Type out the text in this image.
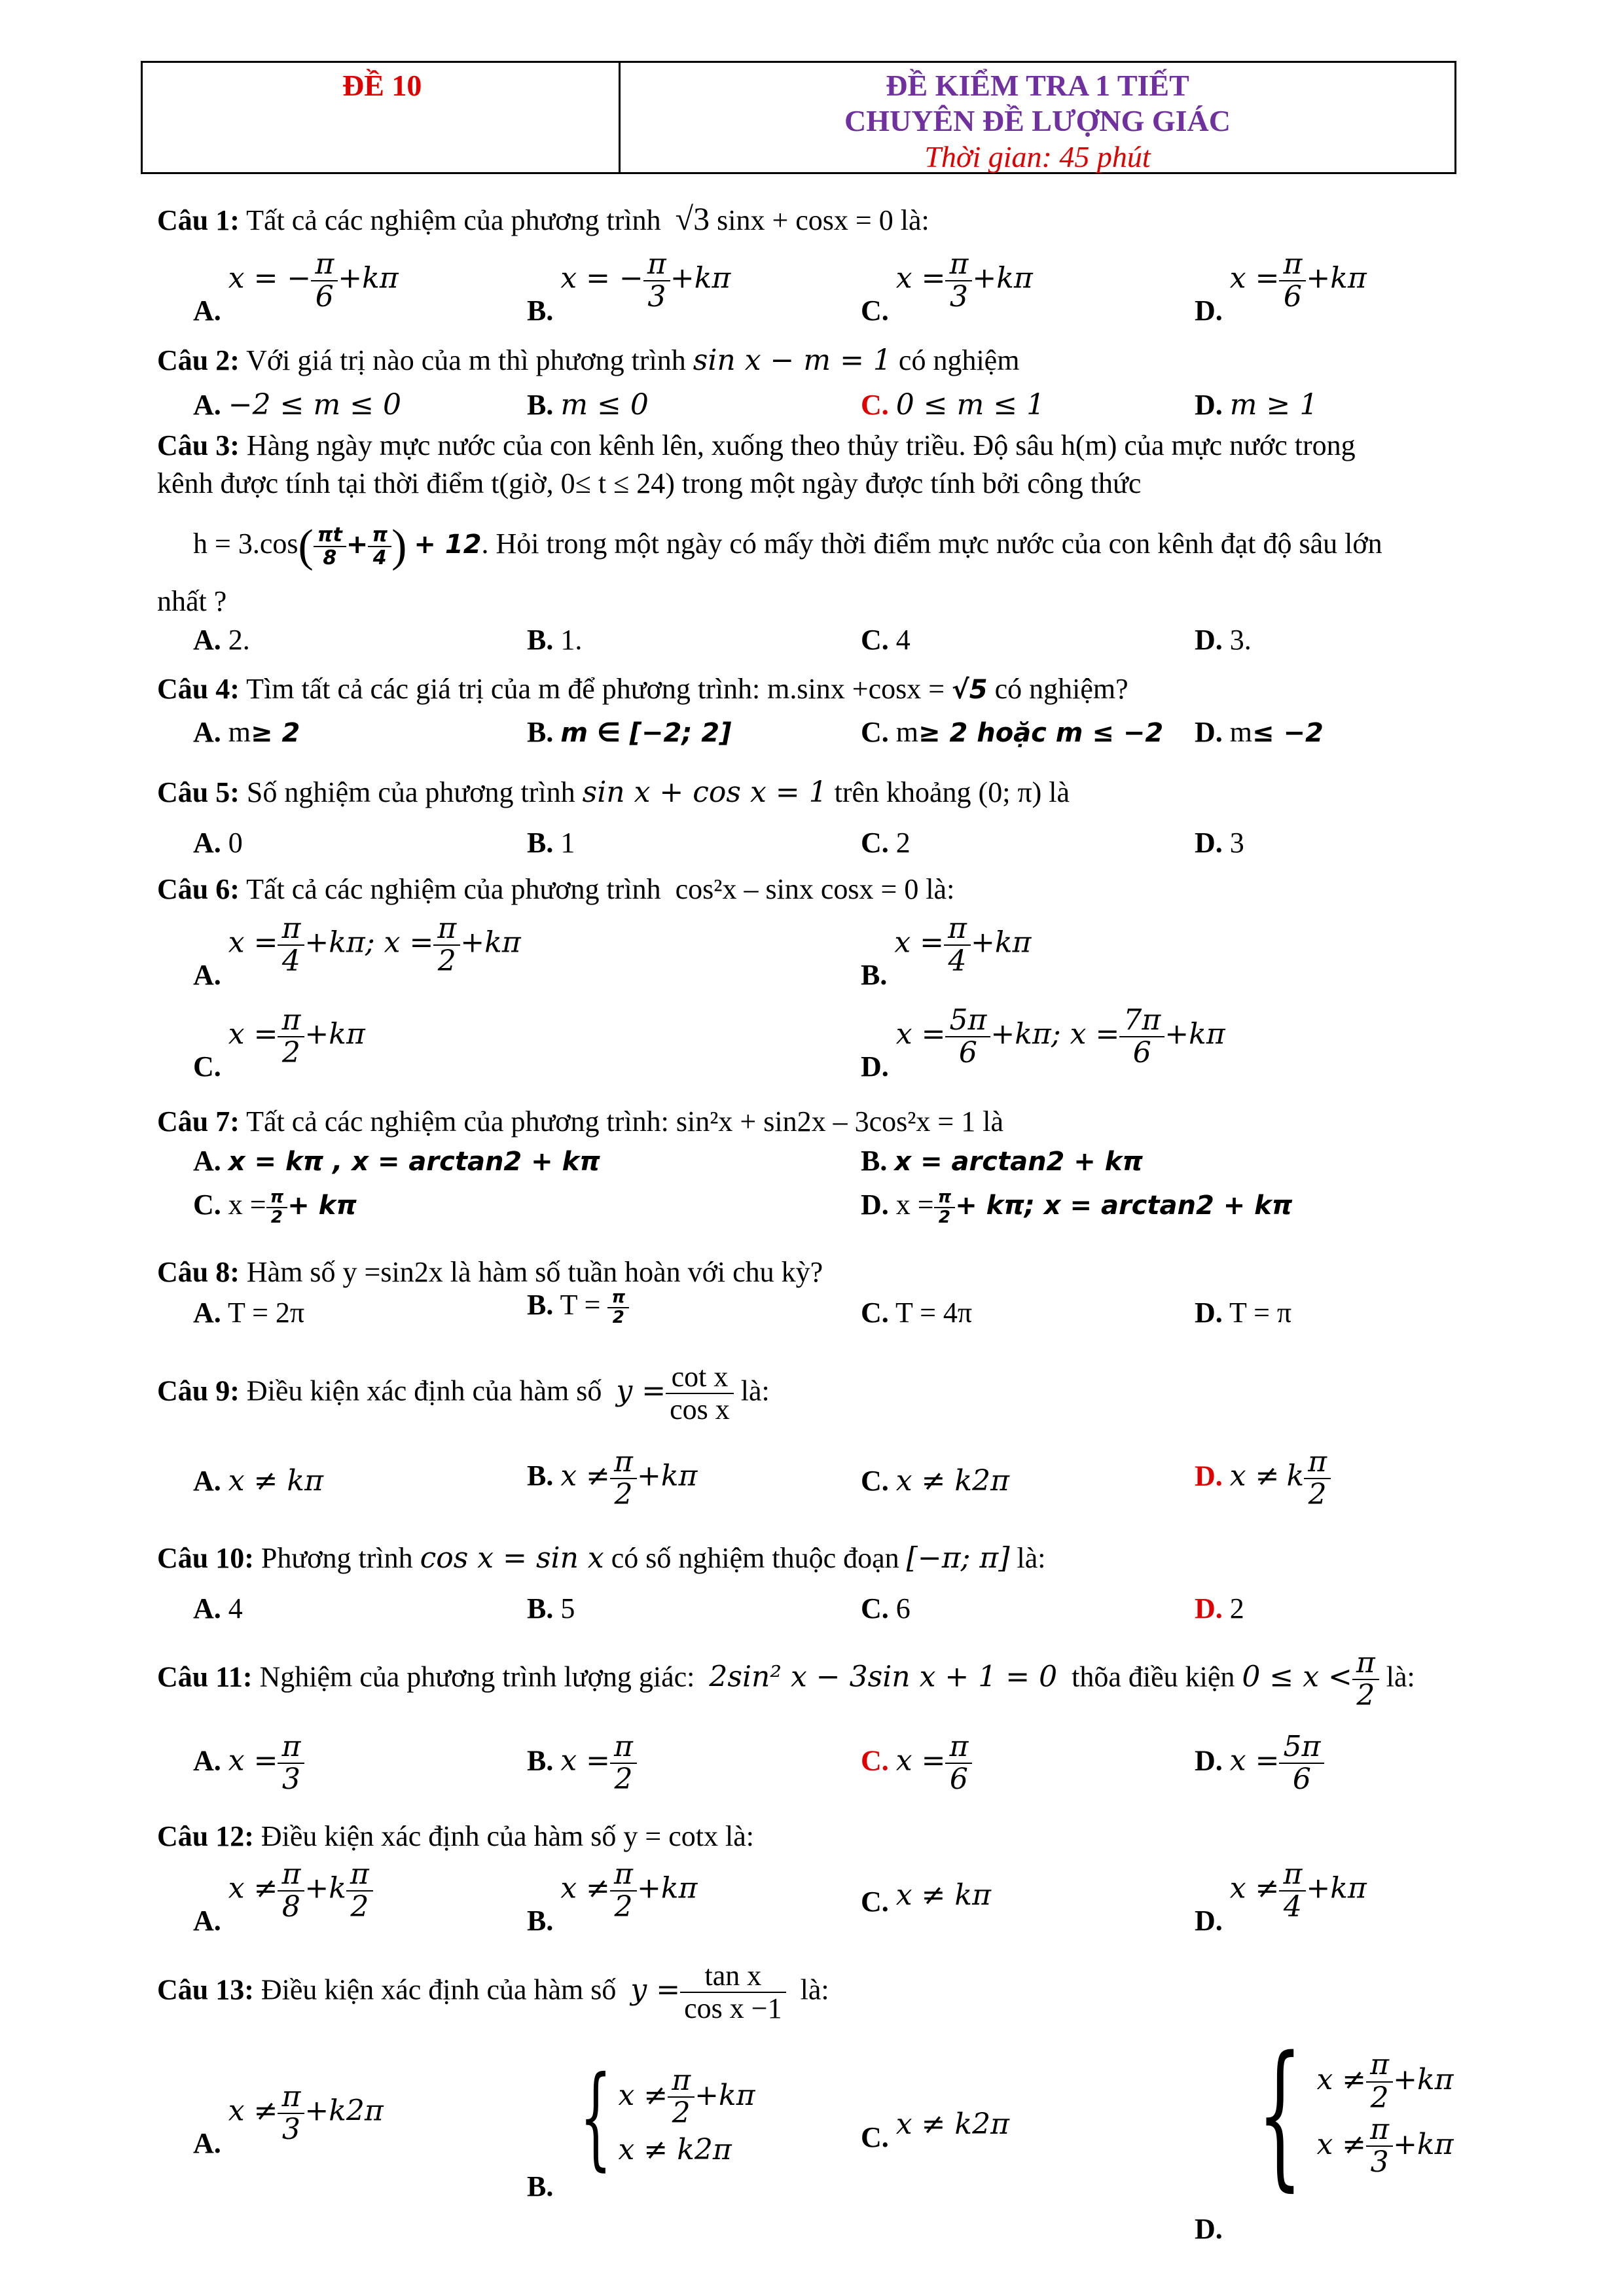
ĐỀ 10	ĐỀ KIỂM TRA 1 TIẾT
CHUYÊN ĐỀ LƯỢNG GIÁC
Thời gian: 45 phút
Câu 1: Tất cả các nghiệm của phương trình √3 sinx + cosx = 0 là:
A. x = − $\frac{\pi}{6} +k\pi$
B. x = − $\frac{\pi}{3} +k\pi$
C. $x = \frac{\pi}{3} +k\pi$
D. $x = \frac{\pi}{6} +k\pi$
Câu 2: Với giá trị nào của m thì phương trình sin x − m = 1 có nghiệm
A. −2 ≤ m ≤ 0	B. m ≤ 0	C. 0 ≤ m ≤ 1	D. m ≥ 1
Câu 3: Hàng ngày mực nước của con kênh lên, xuống theo thủy triều. Độ sâu h(m) của mực nước trong
kênh được tính tại thời điểm t(giờ, 0≤ t ≤ 24) trong một ngày được tính bởi công thức
$h = 3.\cos( \frac{\pi t}{8} + \frac{\pi}{4}$ ) + 12. Hỏi trong một ngày có mấy thời điểm mực nước của con kênh đạt độ sâu lớn
nhất ?
A. 2.	B. 1.	C. 4	D. 3.
Câu 4: Tìm tất cả các giá trị của m để phương trình: m.sinx +cosx = √5 có nghiệm?
A. m≥ 2	B. m ∈ [−2; 2]	C. m≥ 2 hoặc m ≤ −2 D. m≤ −2
Câu 5: Số nghiệm của phương trình sin x + cos x = 1 trên khoảng (0; π) là
A. 0	B. 1	C. 2	D. 3
Câu 6: Tất cả các nghiệm của phương trình cos²x – sinx cosx = 0 là:
A. $x = \frac{\pi}{4} +k\pi$; $x = \frac{\pi}{2} +k\pi$
B. $x = \frac{\pi}{4} +k\pi$
C. $x = \frac{\pi}{2} +k\pi$
D. $x = \frac{5\pi}{6} +k\pi$; $x = \frac{7\pi}{6} +k\pi$
Câu 7: Tất cả các nghiệm của phương trình: sin²x + sin2x – 3cos²x = 1 là
A. x = kπ , x = arctan2 + kπ	B. x = arctan2 + kπ
C. $x = \frac{\pi}{2} + k\pi$	D. $x = \frac{\pi}{2} + k\pi$; x = arctan2 + kπ
Câu 8: Hàm số y =sin2x là hàm số tuần hoàn với chu kỳ?
A. T = 2π	B. $T = \frac{\pi}{2}$	C. T = 4π	D. T = π
Câu 9: Điều kiện xác định của hàm số $y = \frac{\text{cot x}}{\text{cos x}}$ là:
A. x ≠ kπ	B. $x \ne \frac{\pi}{2} +k\pi$	C. x ≠ k2π	D. x ≠ k $\frac{\pi}{2}$
Câu 10: Phương trình cos x = sin x có số nghiệm thuộc đoạn [−π; π] là:
A. 4	B. 5	C. 6	D. 2
Câu 11: Nghiệm của phương trình lượng giác: 2sin² x − 3sin x + 1 = 0 thõa điều kiện $0 \le x < \frac{\pi}{2}$ là:
A. $x = \frac{\pi}{3}$	B. $x = \frac{\pi}{2}$	C. $x = \frac{\pi}{6}$	D. $x = \frac{5\pi}{6}$
Câu 12: Điều kiện xác định của hàm số y = cotx là:
A. $x \ne \frac{\pi}{8} +k \frac{\pi}{2}$	B. $x \ne \frac{\pi}{2} +k\pi$	C. x ≠ kπ
D. $x \ne \frac{\pi}{4} +k\pi$
Câu 13: Điều kiện xác định của hàm số $y = \frac{\text{tan x}}{\text{cos x −1}}$ là:
A. $x \ne \frac{\pi}{3} +k2\pi$
B. { $x \ne \frac{\pi}{2} +k\pi$
x ≠ k2π	C. x ≠ k2π
D. { $x \ne \frac{\pi}{2} +k\pi$
$x \ne \frac{\pi}{3} +k\pi$
